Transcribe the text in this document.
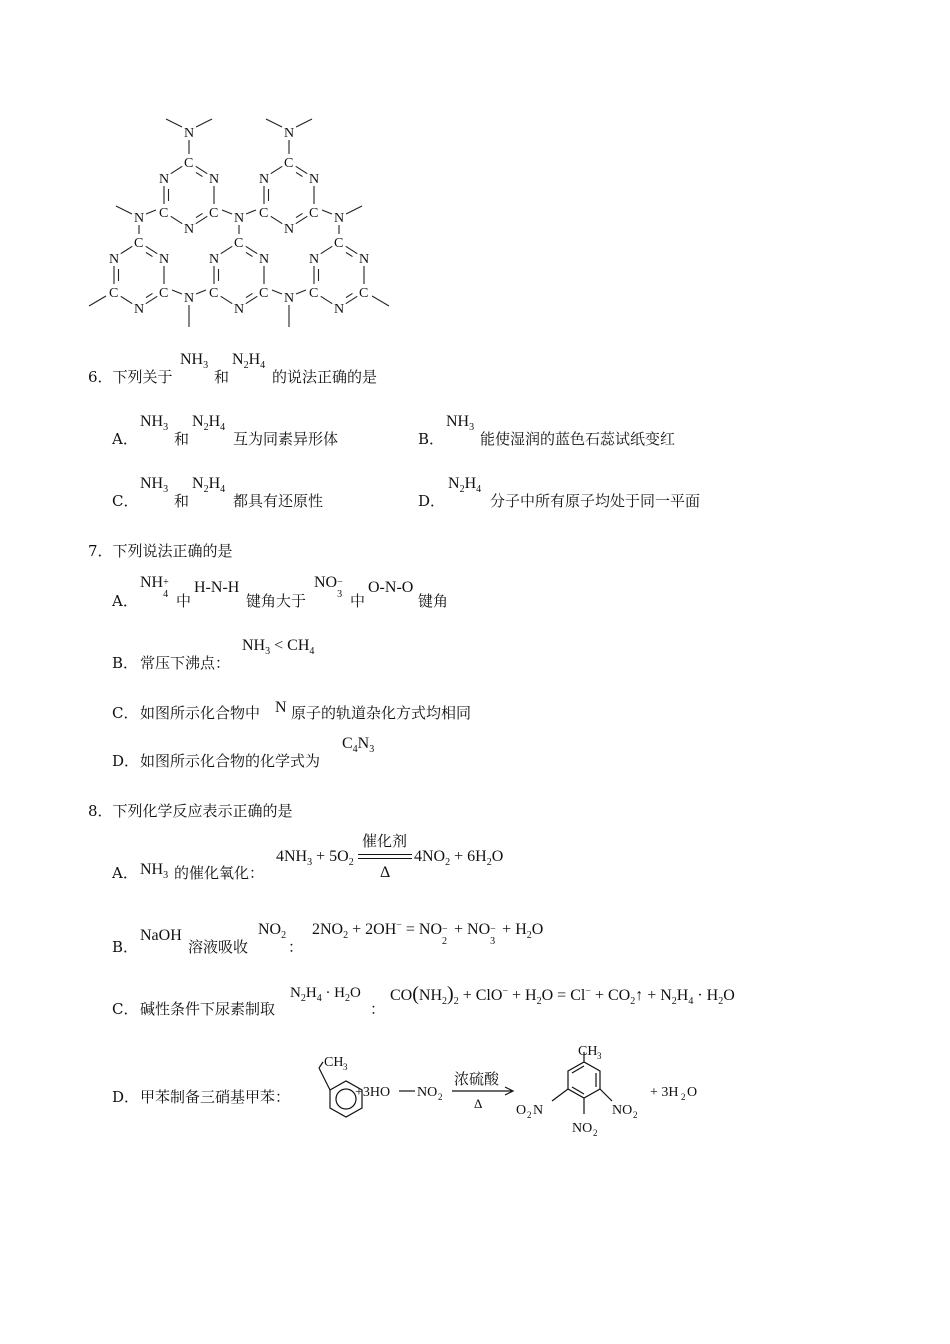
C
C
C
N
N
N
C
C
C
N
N
N
C
C
C
N
N
N
C
C
C
N
N
N
C
C
C
N
N
N
N	N
N
N	N
N	N
6．下列关于
$NH_3$
和
$N_2H_4$
的说法正确的是
A．
$NH_3$
和
$N_2H_4$
互为同素异形体	B．
$NH_3$
能使湿润的蓝色石蕊试纸变红
C．
$NH_3$
和
$N_2H_4$
都具有还原性	D．
$N_2H_4$
分子中所有原子均处于同一平面
7．下列说法正确的是
A．
NH +
4 中
H-N-H
键角大于
NO −
3 中
O-N-O
键角
B． 常压下沸点：
$NH_3 < CH_4$
C． 如图所示化合物中 N 原子的轨道杂化方式均相同
D． 如图所示化合物的化学式为
$C_4N_3$
8．下列化学反应表示正确的是
A． $NH_3$ 的催化氧化：
$4NH_3 + 5O_2$
催化剂
Δ
$4NO_2 + 6H_2O$
B．
NaOH
溶液吸收
$NO_2$
：
$2NO_2 + 2OH^-$ = NO −
2
+ NO −
3
+ $H_2O$
C． 碱性条件下尿素制取
$N_2H_4 \cdot H_2O$
：
$CO(NH_2)_2 + ClO^- + H_2O = Cl^-$ + $CO_2↑ + N_2H_4 \cdot H_2O$
D． 甲苯制备三硝基甲苯：
CH 3
+3HO NO 2
浓硫酸
Δ
CH 3
O 2 N	NO 2
NO 2
+ 3H 2 O
